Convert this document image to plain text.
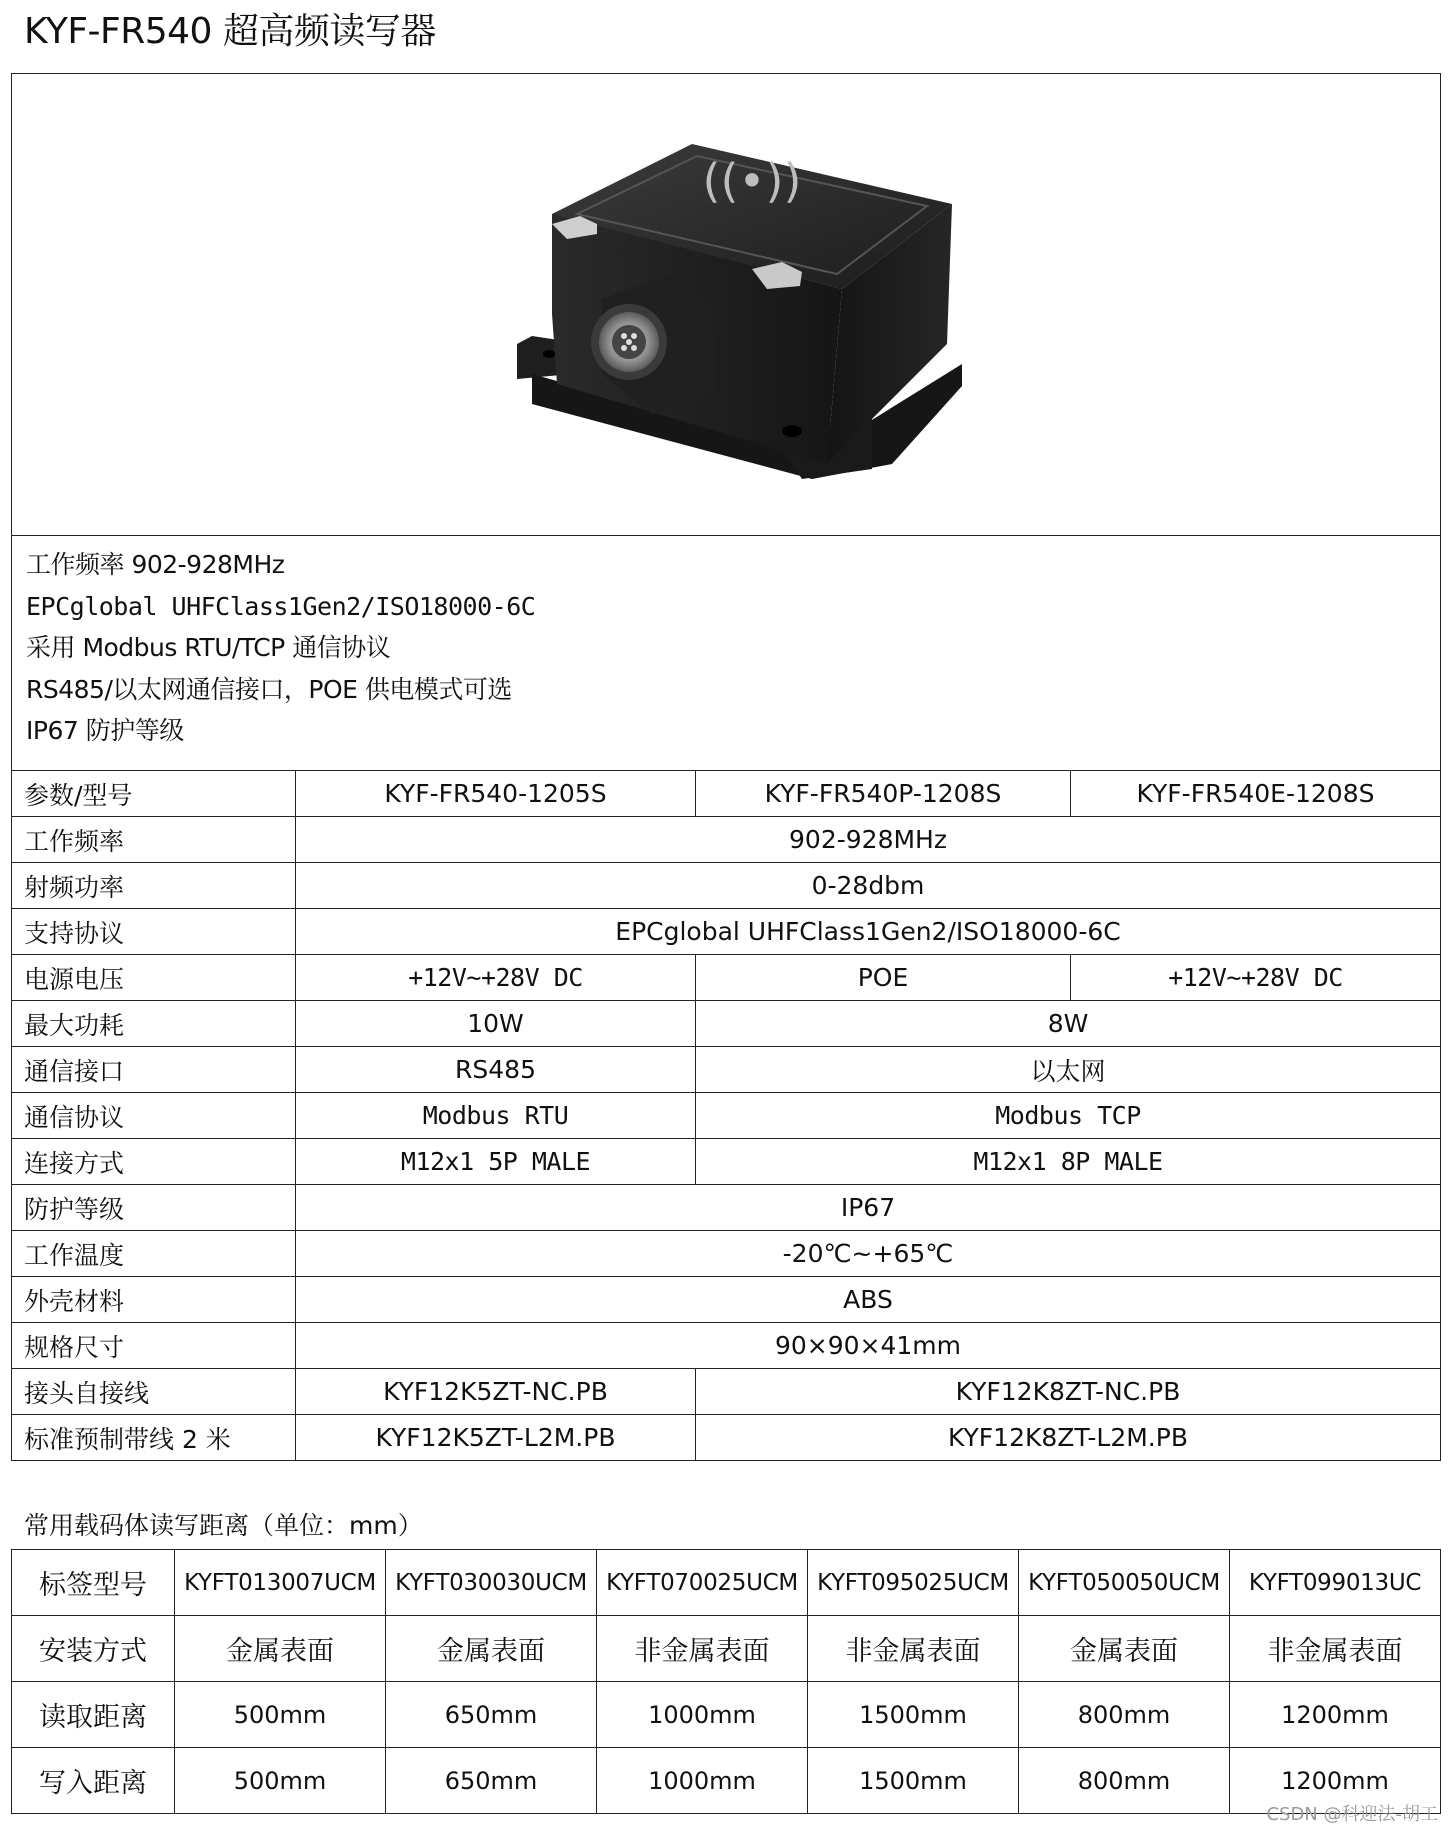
KYF-FR540 超高频读写器
((•))			

工作频率 902-928MHz
EPCglobal UHFClass1Gen2/ISO18000-6C
采用 Modbus RTU/TCP 通信协议
RS485/以太网通信接口，POE 供电模式可选
IP67 防护等级			

参数/型号	KYF-FR540-1205S	KYF-FR540P-1208S	KYF-FR540E-1208S
工作频率	902-928MHz		
射频功率	0-28dbm		
支持协议	EPCglobal UHFClass1Gen2/ISO18000-6C		
电源电压	+12V~+28V DC	POE	+12V~+28V DC
最大功耗	10W	8W	
通信接口	RS485	以太网	
通信协议	Modbus RTU	Modbus TCP	
连接方式	M12x1 5P MALE	M12x1 8P MALE	
防护等级	IP67		
工作温度	-20℃~+65℃		
外壳材料	ABS		
规格尺寸	90×90×41mm		
接头自接线	KYF12K5ZT-NC.PB	KYF12K8ZT-NC.PB	
标准预制带线 2 米	KYF12K5ZT-L2M.PB	KYF12K8ZT-L2M.PB	
常用载码体读写距离（单位：mm）
标签型号	KYFT013007UCM	KYFT030030UCM	KYFT070025UCM	KYFT095025UCM	KYFT050050UCM	KYFT099013UC
安装方式	金属表面	金属表面	非金属表面	非金属表面	金属表面	非金属表面
读取距离	500mm	650mm	1000mm	1500mm	800mm	1200mm
写入距离	500mm	650mm	1000mm	1500mm	800mm	1200mm
CSDN @科迎法-胡工
